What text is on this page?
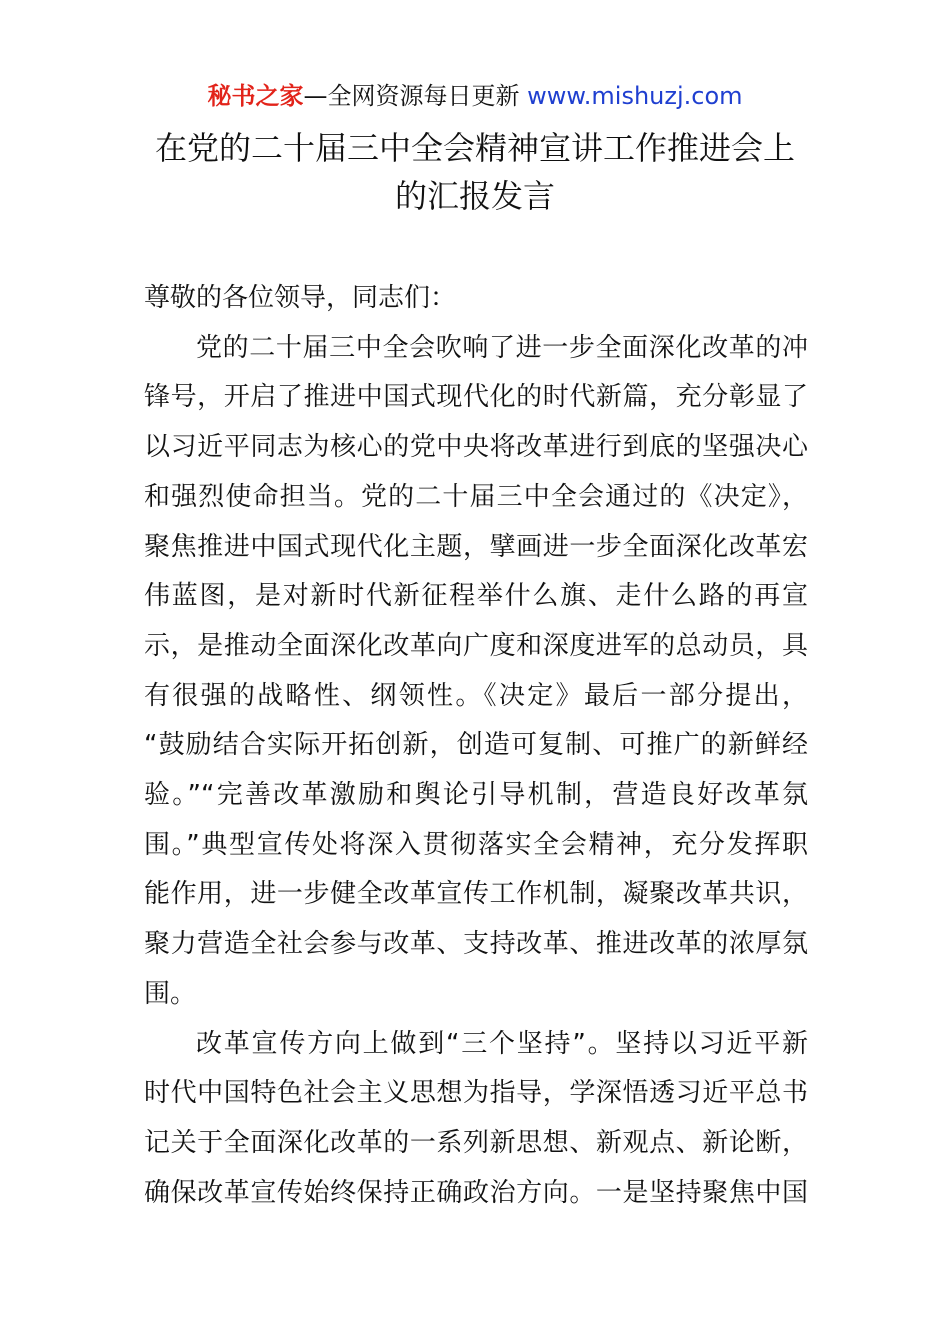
秘书之家—全网资源每日更新 www.mishuzj.com
在党的二十届三中全会精神宣讲工作推进会上
的汇报发言

尊敬的各位领导，同志们：

党的二十届三中全会吹响了进一步全面深化改革的冲
锋号，开启了推进中国式现代化的时代新篇，充分彰显了
以习近平同志为核心的党中央将改革进行到底的坚强决心
和强烈使命担当。党的二十届三中全会通过的《决定》，
聚焦推进中国式现代化主题，擘画进一步全面深化改革宏
伟蓝图，是对新时代新征程举什么旗、走什么路的再宣
示，是推动全面深化改革向广度和深度进军的总动员，具
有很强的战略性、纲领性。《决定》最后一部分提出，
“鼓励结合实际开拓创新，创造可复制、可推广的新鲜经
验。”“完善改革激励和舆论引导机制，营造良好改革氛
围。”典型宣传处将深入贯彻落实全会精神，充分发挥职
能作用，进一步健全改革宣传工作机制，凝聚改革共识，
聚力营造全社会参与改革、支持改革、推进改革的浓厚氛
围。
改革宣传方向上做到“三个坚持”。坚持以习近平新
时代中国特色社会主义思想为指导，学深悟透习近平总书
记关于全面深化改革的一系列新思想、新观点、新论断，
确保改革宣传始终保持正确政治方向。一是坚持聚焦中国
